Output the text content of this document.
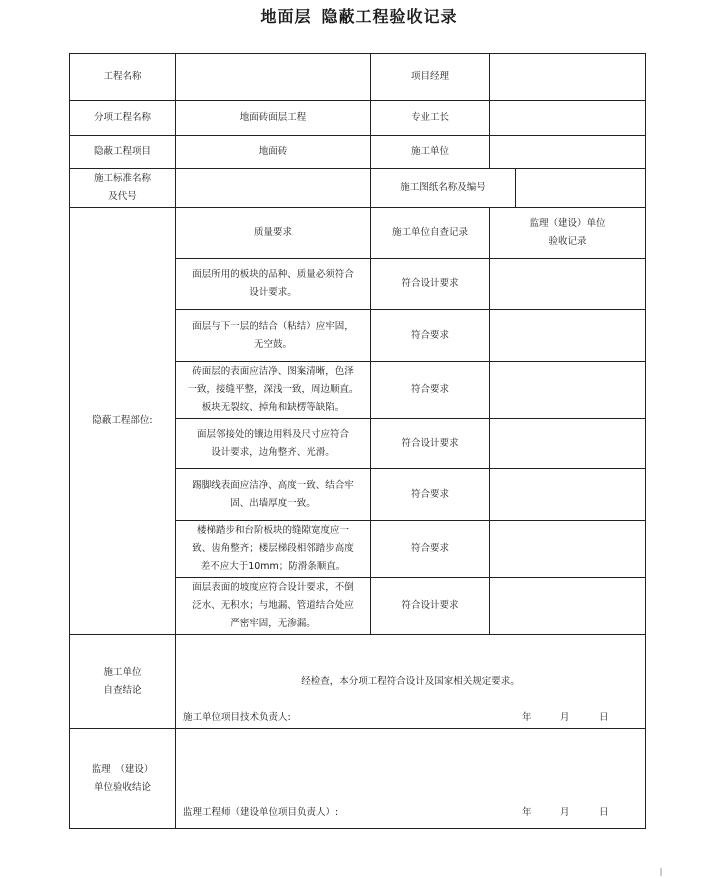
地面层 隐蔽工程验收记录
工程名称		项目经理		
分项工程名称	地面砖面层工程	专业工长		
隐蔽工程项目	地面砖	施工单位		

施工标准名称
及代号		施工图纸名称及编号		
隐蔽工程部位:	质量要求	施工单位自查记录	监理（建设）单位
验收记录	

	面层所用的板块的品种、质量必须符合
设计要求。	符合设计要求		

	面层与下一层的结合（粘结）应牢固，
无空鼓。	符合要求		

	砖面层的表面应洁净、图案清晰，色泽
一致，接缝平整，深浅一致，周边顺直。
板块无裂纹、掉角和缺楞等缺陷。	符合要求		

	面层邻接处的镶边用料及尺寸应符合
设计要求，边角整齐、光滑。	符合设计要求		

	踢脚线表面应洁净、高度一致、结合牢
固、出墙厚度一致。	符合要求		

	楼梯踏步和台阶板块的缝隙宽度应一
致、齿角整齐；楼层梯段相邻踏步高度
差不应大于10mm；防滑条顺直。	符合要求		

	面层表面的坡度应符合设计要求，不倒
泛水、无积水；与地漏、管道结合处应
严密牢固，无渗漏。	符合设计要求		

施工单位
自查结论	经检查，本分项工程符合设计及国家相关规定要求。
施工单位项目技术负责人: 年 月 日			

监理　（建设）
单位验收结论	监理工程师（建设单位项目负责人）: 年 月 日			
